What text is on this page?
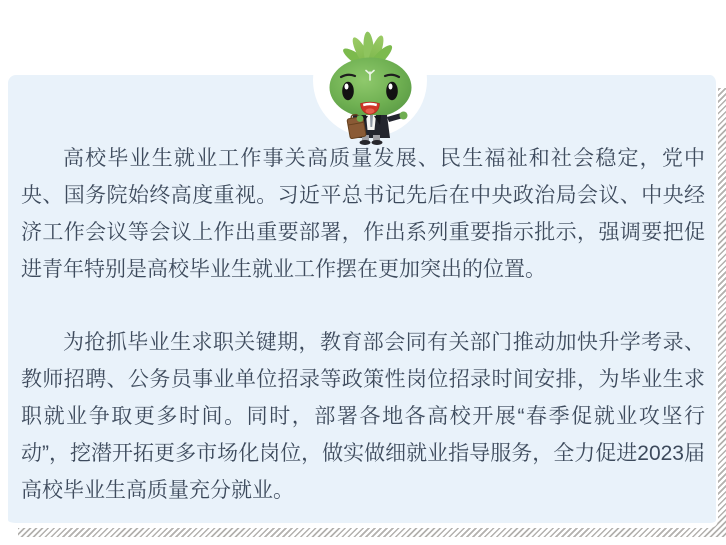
高校毕业生就业工作事关高质量发展、民生福祉和社会稳定，党中央、国务院始终高度重视。习近平总书记先后在中央政治局会议、中央经济工作会议等会议上作出重要部署，作出系列重要指示批示，强调要把促进青年特别是高校毕业生就业工作摆在更加突出的位置。

为抢抓毕业生求职关键期，教育部会同有关部门推动加快升学考录、教师招聘、公务员事业单位招录等政策性岗位招录时间安排，为毕业生求职就业争取更多时间。同时，部署各地各高校开展“春季促就业攻坚行动”，挖潜开拓更多市场化岗位，做实做细就业指导服务，全力促进2023届高校毕业生高质量充分就业。
